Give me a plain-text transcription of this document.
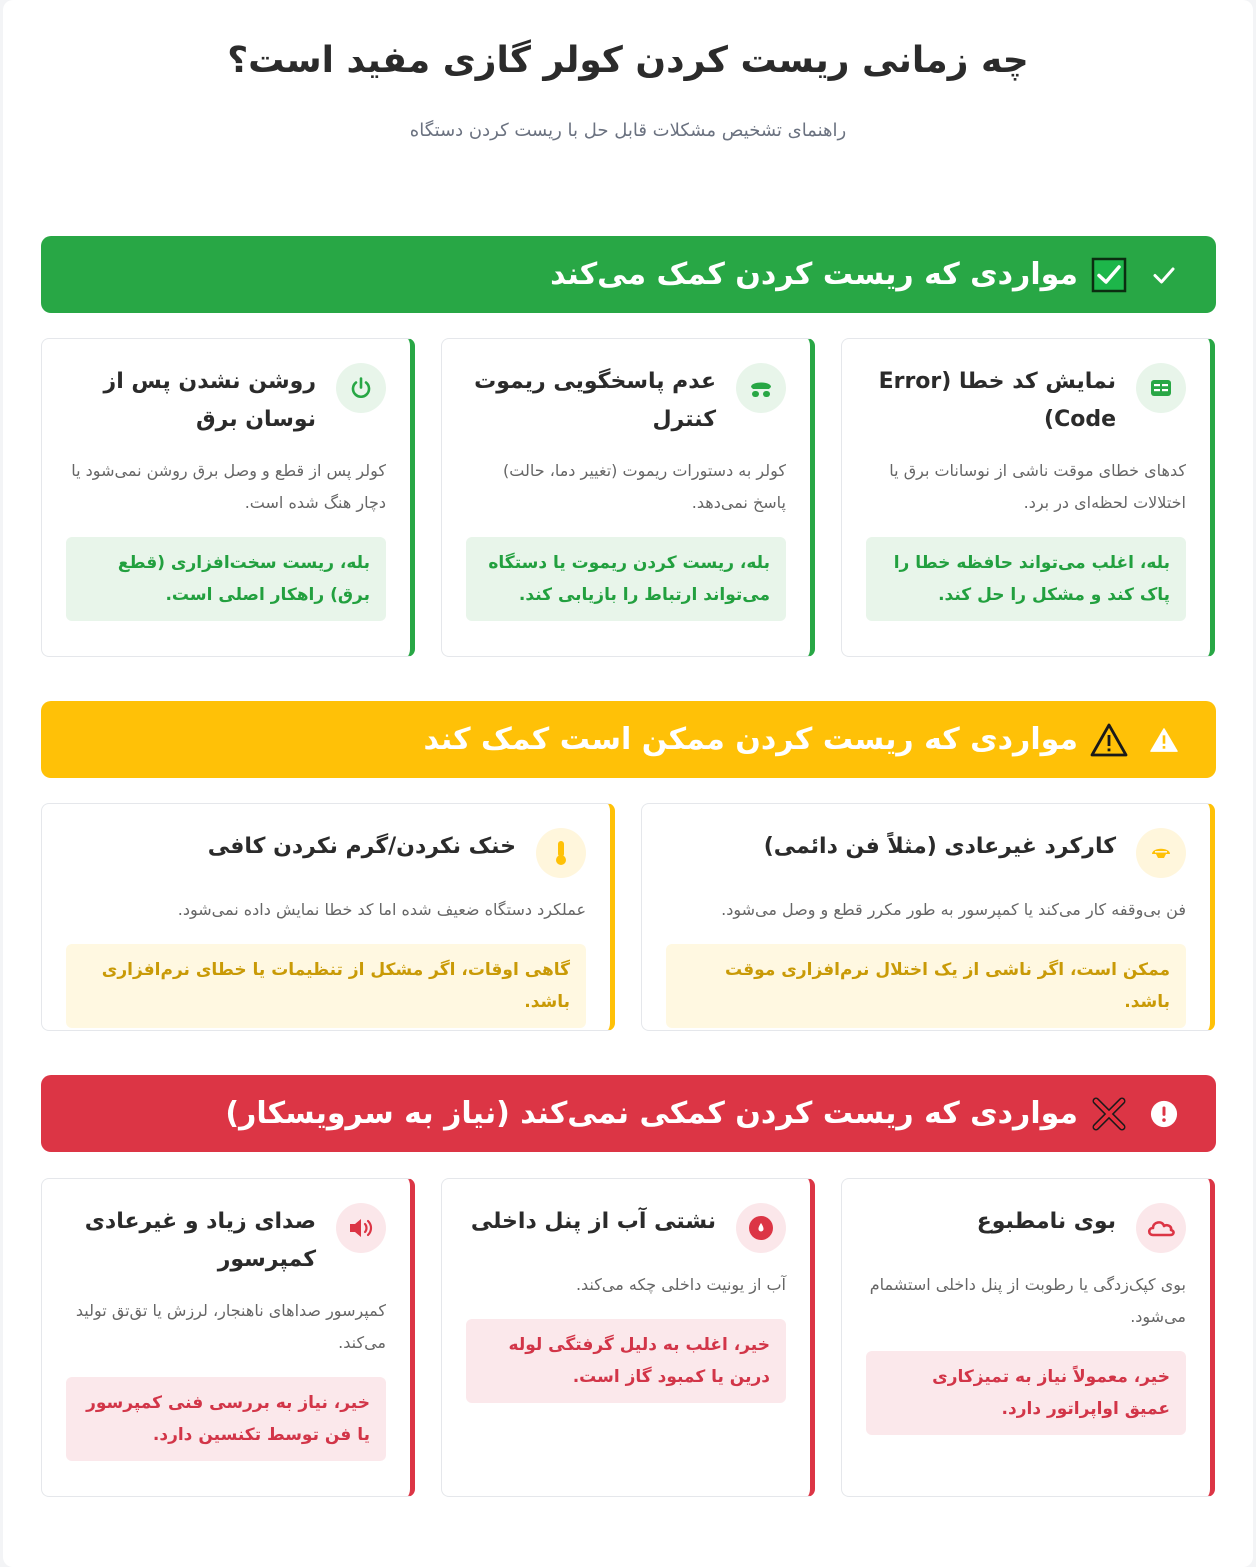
چه زمانی ریست کردن کولر گازی مفید است؟

راهنمای تشخیص مشکلات قابل حل با ریست کردن دستگاه

مواردی که ریست کردن کمک می‌کند
نمایش کد خطا (Error Code)

کدهای خطای موقت ناشی از نوسانات برق یا اختلالات لحظه‌ای در برد.

بله، اغلب می‌تواند حافظه خطا را پاک کند و مشکل را حل کند.
عدم پاسخگویی ریموت کنترل

کولر به دستورات ریموت (تغییر دما، حالت) پاسخ نمی‌دهد.

بله، ریست کردن ریموت یا دستگاه می‌تواند ارتباط را بازیابی کند.
روشن نشدن پس از نوسان برق

کولر پس از قطع و وصل برق روشن نمی‌شود یا دچار هنگ شده است.

بله، ریست سخت‌افزاری (قطع برق) راهکار اصلی است.
مواردی که ریست کردن ممکن است کمک کند
کارکرد غیرعادی (مثلاً فن دائمی)

فن بی‌وقفه کار می‌کند یا کمپرسور به طور مکرر قطع و وصل می‌شود.

ممکن است، اگر ناشی از یک اختلال نرم‌افزاری موقت باشد.
خنک نکردن/گرم نکردن کافی

عملکرد دستگاه ضعیف شده اما کد خطا نمایش داده نمی‌شود.

گاهی اوقات، اگر مشکل از تنظیمات یا خطای نرم‌افزاری باشد.
مواردی که ریست کردن کمکی نمی‌کند (نیاز به سرویسکار)
بوی نامطبوع

بوی کپک‌زدگی یا رطوبت از پنل داخلی استشمام می‌شود.

خیر، معمولاً نیاز به تمیزکاری عمیق اواپراتور دارد.
نشتی آب از پنل داخلی

آب از یونیت داخلی چکه می‌کند.

خیر، اغلب به دلیل گرفتگی لوله درین یا کمبود گاز است.
صدای زیاد و غیرعادی کمپرسور

کمپرسور صداهای ناهنجار، لرزش یا تق‌تق تولید می‌کند.

خیر، نیاز به بررسی فنی کمپرسور یا فن توسط تکنسین دارد.
